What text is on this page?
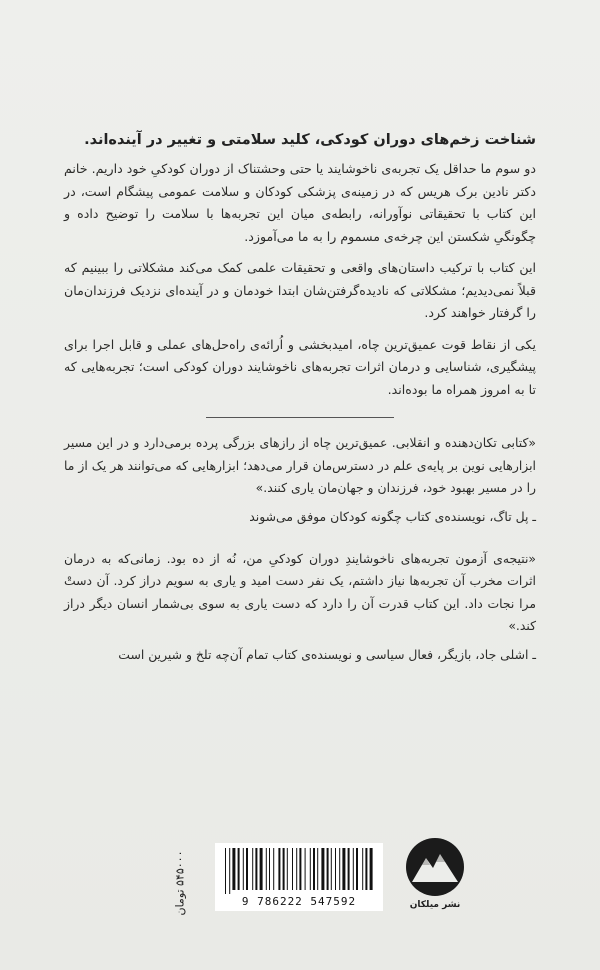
شناخت زخم‌های دوران کودکی، کلید سلامتی و تغییر در آینده‌اند.

دو سوم ما حداقل یک تجربه‌ی ناخوشایند یا حتی وحشتناک از دوران کودکیِ خود داریم. خانم دکتر نادین برک هریس که در زمینه‌ی پزشکی کودکان و سلامت عمومی پیشگام است، در این کتاب با تحقیقاتی نوآورانه، رابطه‌ی میان این تجربه‌ها با سلامت را توضیح داده و چگونگیِ شکستن این چرخه‌ی مسموم را به ما می‌آموزد.

این کتاب با ترکیب داستان‌های واقعی و تحقیقات علمی کمک می‌کند مشکلاتی را ببینیم که قبلاً نمی‌دیدیم؛ مشکلاتی که نادیده‌گرفتن‌شان ابتدا خودمان و در آینده‌ای نزدیک فرزندان‌مان را گرفتار خواهند کرد.

یکی از نقاط قوت عمیق‌ترین چاه، امیدبخشی و اُرائه‌ی راه‌حل‌های عملی و قابل اجرا برای پیشگیری، شناسایی و درمان اثرات تجربه‌های ناخوشایند دوران کودکی است؛ تجربه‌هایی که تا به امروز همراه ما بوده‌اند.

«کتابی تکان‌دهنده و انقلابی. عمیق‌ترین چاه از رازهای بزرگی پرده برمی‌دارد و در این مسیر ابزارهایی نوین بر پایه‌ی علم در دسترس‌مان قرار می‌دهد؛ ابزارهایی که می‌توانند هر یک از ما را در مسیر بهبود خود، فرزندان و جهان‌مان یاری کنند.»

ـ پل تاگ، نویسنده‌ی کتاب چگونه کودکان موفق می‌شوند

«نتیجه‌ی آزمون تجربه‌های ناخوشایندِ دوران کودکیِ من، نُه از ده بود. زمانی‌که به درمان اثرات مخرب آن تجربه‌ها نیاز داشتم، یک نفر دست امید و یاری به سویم دراز کرد. آن دستْ مرا نجات داد. این کتاب قدرت آن را دارد که دست یاری به سوی بی‌شمار انسان دیگر دراز کند.»

ـ اشلی جاد، بازیگر، فعال سیاسی و نویسنده‌ی کتاب تمام آن‌چه تلخ و شیرین است

۵۴۵۰۰۰ تومان
9 786222 547592	نشر میلکان
